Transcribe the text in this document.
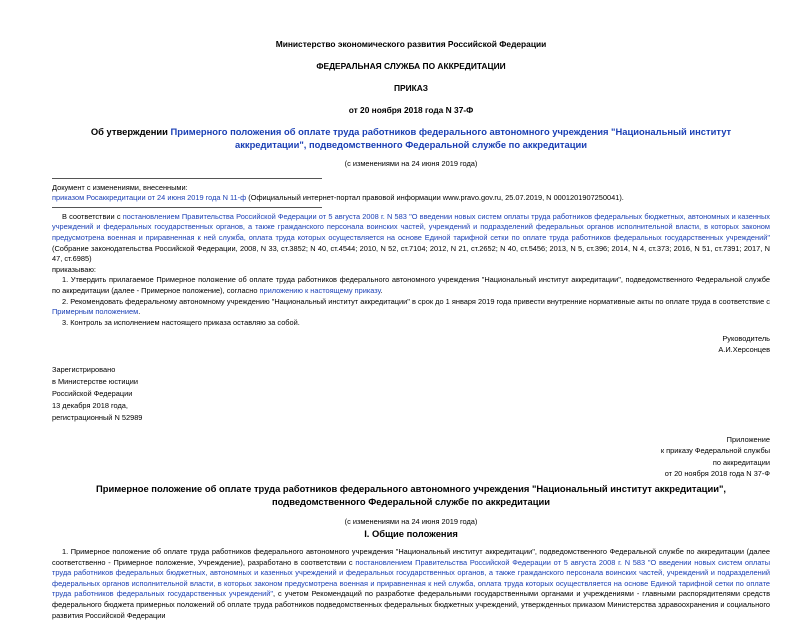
Министерство экономического развития Российской Федерации
ФЕДЕРАЛЬНАЯ СЛУЖБА ПО АККРЕДИТАЦИИ
ПРИКАЗ
от 20 ноября 2018 года N 37-Ф
Об утверждении Примерного положения об оплате труда работников федерального автономного учреждения "Национальный институт аккредитации", подведомственного Федеральной службе по аккредитации
(с изменениями на 24 июня 2019 года)
Документ с изменениями, внесенными:
приказом Росаккредитации от 24 июня 2019 года N 11-ф (Официальный интернет-портал правовой информации www.pravo.gov.ru, 25.07.2019, N 0001201907250041).

В соответствии с постановлением Правительства Российской Федерации от 5 августа 2008 г. N 583 "О введении новых систем оплаты труда работников федеральных бюджетных, автономных и казенных учреждений и федеральных государственных органов, а также гражданского персонала воинских частей, учреждений и подразделений федеральных органов исполнительной власти, в которых законом предусмотрена военная и приравненная к ней служба, оплата труда которых осуществляется на основе Единой тарифной сетки по оплате труда работников федеральных государственных учреждений" (Собрание законодательства Российской Федерации, 2008, N 33, ст.3852; N 40, ст.4544; 2010, N 52, ст.7104; 2012, N 21, ст.2652; N 40, ст.5456; 2013, N 5, ст.396; 2014, N 4, ст.373; 2016, N 51, ст.7391; 2017, N 47, ст.6985)

приказываю:

1. Утвердить прилагаемое Примерное положение об оплате труда работников федерального автономного учреждения "Национальный институт аккредитации", подведомственного Федеральной службе по аккредитации (далее - Примерное положение), согласно приложению к настоящему приказу.

2. Рекомендовать федеральному автономному учреждению "Национальный институт аккредитации" в срок до 1 января 2019 года привести внутренние нормативные акты по оплате труда в соответствие с Примерным положением.

3. Контроль за исполнением настоящего приказа оставляю за собой.

Руководитель
А.И.Херсонцев
Зарегистрировано
в Министерстве юстиции
Российской Федерации
13 декабря 2018 года,
регистрационный N 52989
Приложение
к приказу Федеральной службы
по аккредитации
от 20 ноября 2018 года N 37-Ф
Примерное положение об оплате труда работников федерального автономного учреждения "Национальный институт аккредитации", подведомственного Федеральной службе по аккредитации
(с изменениями на 24 июня 2019 года)
I. Общие положения

1. Примерное положение об оплате труда работников федерального автономного учреждения "Национальный институт аккредитации", подведомственного Федеральной службе по аккредитации (далее соответственно - Примерное положение, Учреждение), разработано в соответствии с постановлением Правительства Российской Федерации от 5 августа 2008 г. N 583 "О введении новых систем оплаты труда работников федеральных бюджетных, автономных и казенных учреждений и федеральных государственных органов, а также гражданского персонала воинских частей, учреждений и подразделений федеральных органов исполнительной власти, в которых законом предусмотрена военная и приравненная к ней служба, оплата труда которых осуществляется на основе Единой тарифной сетки по оплате труда работников федеральных государственных учреждений", с учетом Рекомендаций по разработке федеральными государственными органами и учреждениями - главными распорядителями средств федерального бюджета примерных положений об оплате труда работников подведомственных федеральных бюджетных учреждений, утвержденных приказом Министерства здравоохранения и социального развития Российской Федерации
